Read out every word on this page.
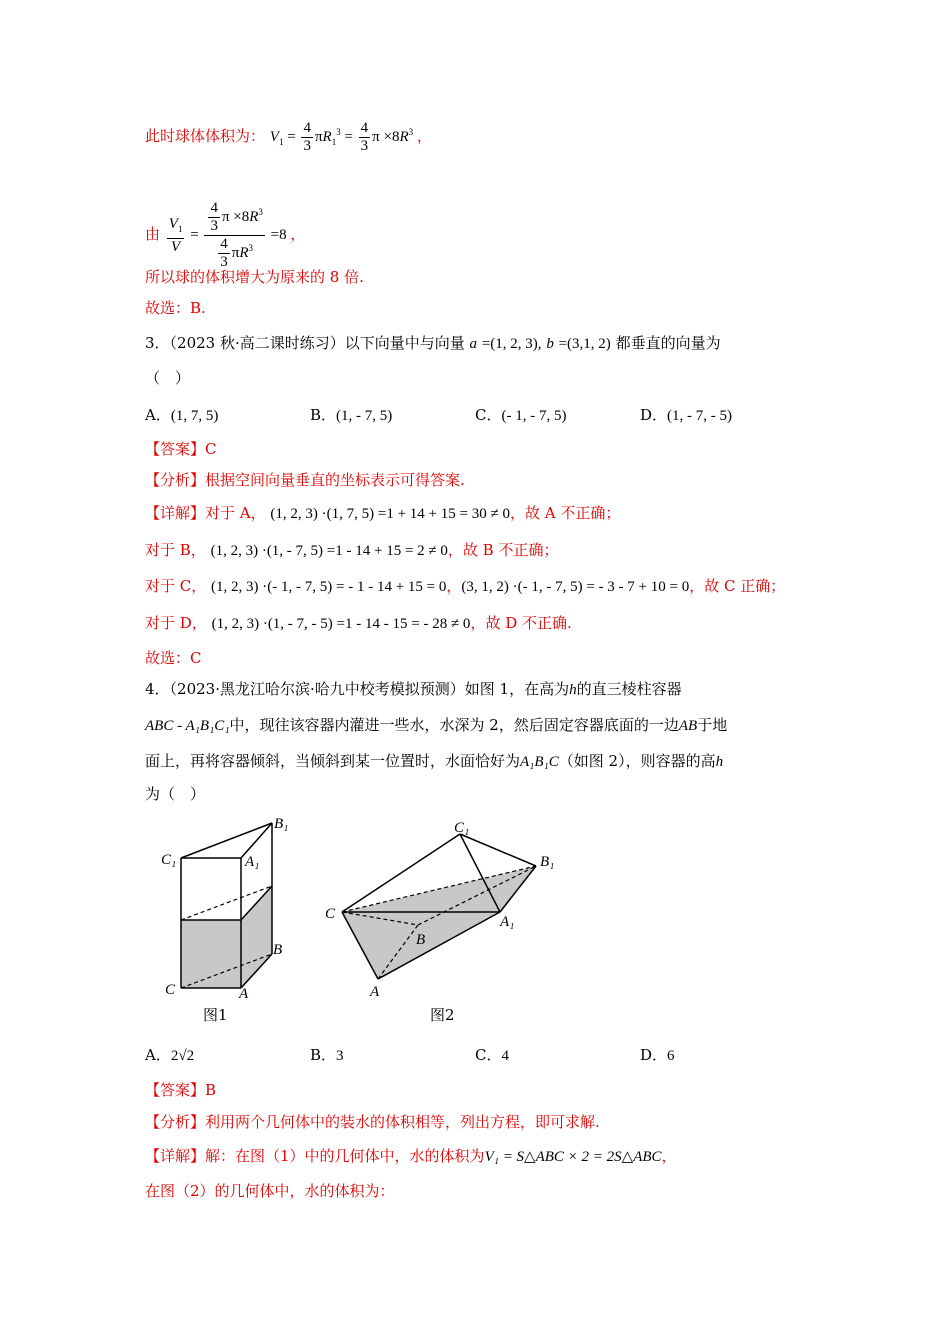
此时球体体积为： $V_1 = \frac{4}{3} \pi R_1^3 = \frac{4}{3}$ $\pi \times 8R^3$ ，
由 $\frac{V_1}{V} = \frac{\frac{4}{3} \pi \times 8R^3}{\frac{4}{3} \pi R^3} =8$ ，
所以球的体积增大为原来的 8 倍.
故选：B.
3．（2023 秋·高二课时练习）以下向量中与向量 a =(1, 2, 3), b =(3,1, 2) 都垂直的向量为
（　）
A．(1, 7, 5)	B．(1, - 7, 5)	C．(- 1, - 7, 5)	D．(1, - 7, - 5)
【答案】C
【分析】根据空间向量垂直的坐标表示可得答案.
【详解】对于 A， (1, 2, 3) ·(1, 7, 5) =1 + 14 + 15 = 30 ≠ 0，故 A 不正确；
对于 B， (1, 2, 3) ·(1, - 7, 5) =1 - 14 + 15 = 2 ≠ 0，故 B 不正确；
对于 C， (1, 2, 3) ·(- 1, - 7, 5) = - 1 - 14 + 15 = 0，(3, 1, 2) ·(- 1, - 7, 5) = - 3 - 7 + 10 = 0，故 C 正确；
对于 D， (1, 2, 3) ·(1, - 7, - 5) =1 - 14 - 15 = - 28 ≠ 0，故 D 不正确.
故选：C
4．（2023·黑龙江哈尔滨·哈九中校考模拟预测）如图 1，在高为h的直三棱柱容器
ABC - A₁B₁C₁中，现往该容器内灌进一些水，水深为 2，然后固定容器底面的一边AB于地
面上，再将容器倾斜，当倾斜到某一位置时，水面恰好为A₁B₁C（如图 2），则容器的高h
为（　）
B₁
C₁	A₁
B
C	A
图1
C₁
B₁
C	A₁
B
A
图2
A．2√2	B．3	C．4	D．6
【答案】B
【分析】利用两个几何体中的装水的体积相等，列出方程，即可求解.
【详解】解：在图（1）中的几何体中，水的体积为V₁ = S△ABC × 2 = 2S△ABC，
在图（2）的几何体中，水的体积为：
